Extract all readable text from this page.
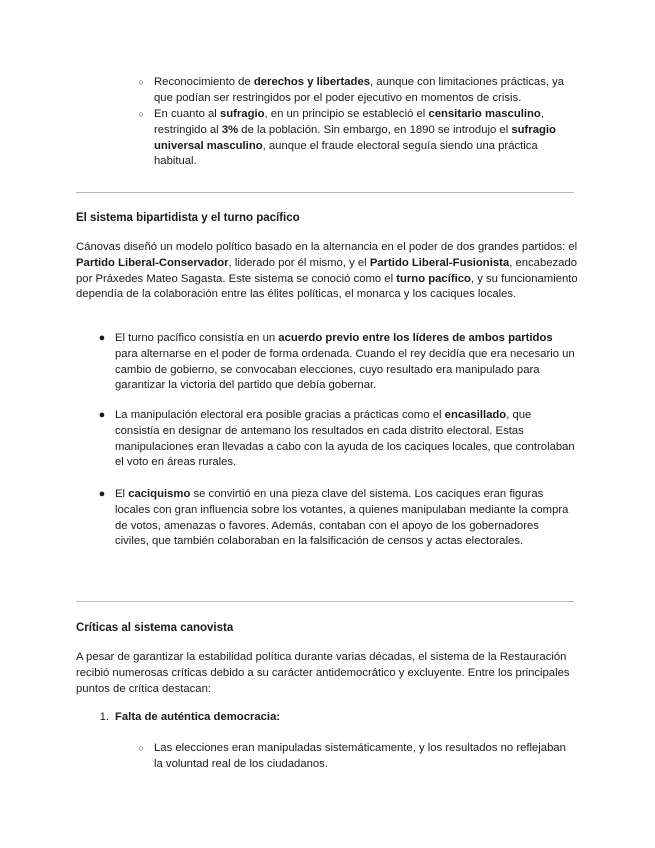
○ Reconocimiento de derechos y libertades, aunque con limitaciones prácticas, ya que podían ser restringidos por el poder ejecutivo en momentos de crisis.

○ En cuanto al sufragio, en un principio se estableció el censitario masculino, restringido al 3% de la población. Sin embargo, en 1890 se introdujo el sufragio universal masculino, aunque el fraude electoral seguía siendo una práctica habitual.

El sistema bipartidista y el turno pacífico

Cánovas diseñó un modelo político basado en la alternancia en el poder de dos grandes partidos: el Partido Liberal-Conservador, liderado por él mismo, y el Partido Liberal-Fusionista, encabezado por Práxedes Mateo Sagasta. Este sistema se conoció como el turno pacífico, y su funcionamiento dependía de la colaboración entre las élites políticas, el monarca y los caciques locales.

● El turno pacífico consistía en un acuerdo previo entre los líderes de ambos partidos para alternarse en el poder de forma ordenada. Cuando el rey decidía que era necesario un cambio de gobierno, se convocaban elecciones, cuyo resultado era manipulado para garantizar la victoria del partido que debía gobernar.

● La manipulación electoral era posible gracias a prácticas como el encasillado, que consistía en designar de antemano los resultados en cada distrito electoral. Estas manipulaciones eran llevadas a cabo con la ayuda de los caciques locales, que controlaban el voto en áreas rurales.

● El caciquismo se convirtió en una pieza clave del sistema. Los caciques eran figuras locales con gran influencia sobre los votantes, a quienes manipulaban mediante la compra de votos, amenazas o favores. Además, contaban con el apoyo de los gobernadores civiles, que también colaboraban en la falsificación de censos y actas electorales.

Críticas al sistema canovista

A pesar de garantizar la estabilidad política durante varias décadas, el sistema de la Restauración recibió numerosas críticas debido a su carácter antidemocrático y excluyente. Entre los principales puntos de crítica destacan:

1. Falta de auténtica democracia:

○ Las elecciones eran manipuladas sistemáticamente, y los resultados no reflejaban la voluntad real de los ciudadanos.
